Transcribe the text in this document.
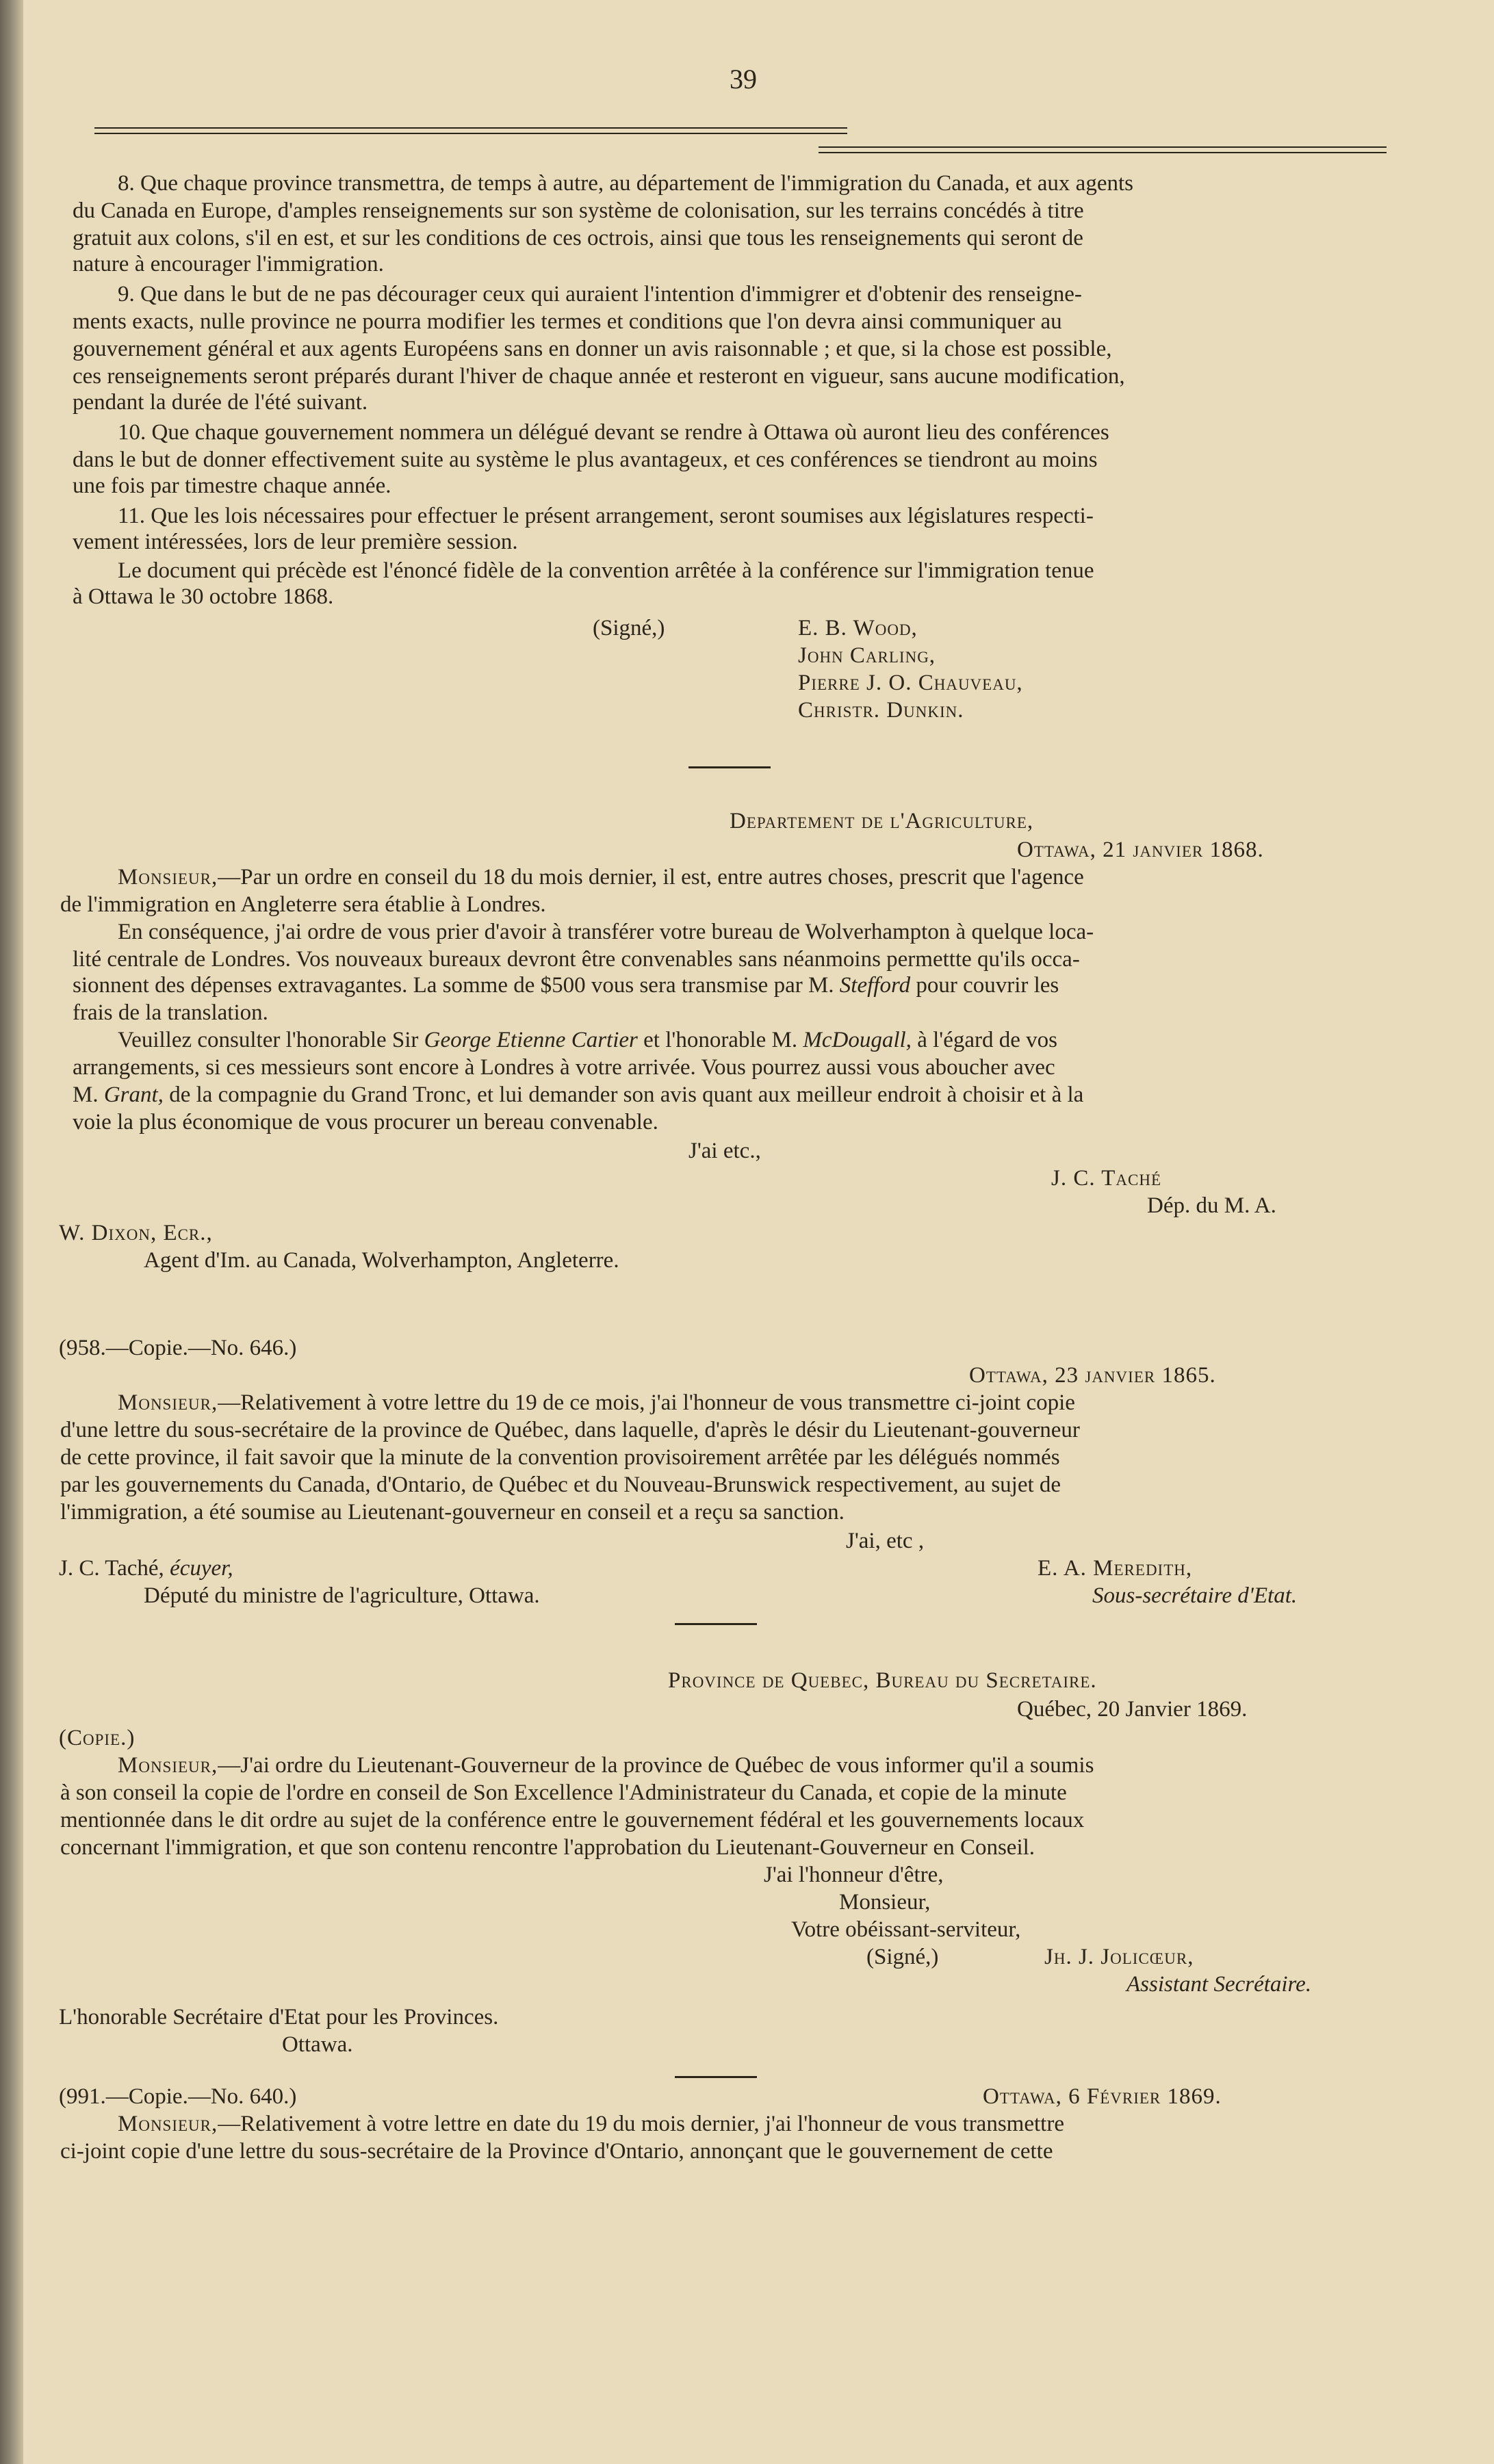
39
8. Que chaque province transmettra, de temps à autre, au département de l'immigration du Canada, et aux agents
du Canada en Europe, d'amples renseignements sur son système de colonisation, sur les terrains concédés à titre
gratuit aux colons, s'il en est, et sur les conditions de ces octrois, ainsi que tous les renseignements qui seront de
nature à encourager l'immigration.
9. Que dans le but de ne pas décourager ceux qui auraient l'intention d'immigrer et d'obtenir des renseigne-
ments exacts, nulle province ne pourra modifier les termes et conditions que l'on devra ainsi communiquer au
gouvernement général et aux agents Européens sans en donner un avis raisonnable ; et que, si la chose est possible,
ces renseignements seront préparés durant l'hiver de chaque année et resteront en vigueur, sans aucune modification,
pendant la durée de l'été suivant.
10. Que chaque gouvernement nommera un délégué devant se rendre à Ottawa où auront lieu des conférences
dans le but de donner effectivement suite au système le plus avantageux, et ces conférences se tiendront au moins
une fois par timestre chaque année.
11. Que les lois nécessaires pour effectuer le présent arrangement, seront soumises aux législatures respecti-
vement intéressées, lors de leur première session.
Le document qui précède est l'énoncé fidèle de la convention arrêtée à la conférence sur l'immigration tenue
à Ottawa le 30 octobre 1868.
(Signé,)	E. B. Wood,
John Carling,
Pierre J. O. Chauveau,
Christr. Dunkin.
Departement de l'Agriculture,
Ottawa, 21 janvier 1868.
Monsieur,—Par un ordre en conseil du 18 du mois dernier, il est, entre autres choses, prescrit que l'agence
de l'immigration en Angleterre sera établie à Londres.
En conséquence, j'ai ordre de vous prier d'avoir à transférer votre bureau de Wolverhampton à quelque loca-
lité centrale de Londres. Vos nouveaux bureaux devront être convenables sans néanmoins permettte qu'ils occa-
sionnent des dépenses extravagantes. La somme de $500 vous sera transmise par M. Stefford pour couvrir les
frais de la translation.
Veuillez consulter l'honorable Sir George Etienne Cartier et l'honorable M. McDougall, à l'égard de vos
arrangements, si ces messieurs sont encore à Londres à votre arrivée. Vous pourrez aussi vous aboucher avec
M. Grant, de la compagnie du Grand Tronc, et lui demander son avis quant aux meilleur endroit à choisir et à la
voie la plus économique de vous procurer un bereau convenable.
J'ai etc.,
J. C. Taché
Dép. du M. A.
W. Dixon, Ecr.,
Agent d'Im. au Canada, Wolverhampton, Angleterre.
(958.—Copie.—No. 646.)
Ottawa, 23 janvier 1865.
Monsieur,—Relativement à votre lettre du 19 de ce mois, j'ai l'honneur de vous transmettre ci-joint copie
d'une lettre du sous-secrétaire de la province de Québec, dans laquelle, d'après le désir du Lieutenant-gouverneur
de cette province, il fait savoir que la minute de la convention provisoirement arrêtée par les délégués nommés
par les gouvernements du Canada, d'Ontario, de Québec et du Nouveau-Brunswick respectivement, au sujet de
l'immigration, a été soumise au Lieutenant-gouverneur en conseil et a reçu sa sanction.
J'ai, etc ,
J. C. Taché, écuyer,	E. A. Meredith,
Député du ministre de l'agriculture, Ottawa.	Sous-secrétaire d'Etat.
Province de Quebec, Bureau du Secretaire.
Québec, 20 Janvier 1869.
(Copie.)
Monsieur,—J'ai ordre du Lieutenant-Gouverneur de la province de Québec de vous informer qu'il a soumis
à son conseil la copie de l'ordre en conseil de Son Excellence l'Administrateur du Canada, et copie de la minute
mentionnée dans le dit ordre au sujet de la conférence entre le gouvernement fédéral et les gouvernements locaux
concernant l'immigration, et que son contenu rencontre l'approbation du Lieutenant-Gouverneur en Conseil.
J'ai l'honneur d'être,
Monsieur,
Votre obéissant-serviteur,
(Signé,)	Jh. J. Jolicœur,
Assistant Secrétaire.
L'honorable Secrétaire d'Etat pour les Provinces.
Ottawa.
(991.—Copie.—No. 640.)	Ottawa, 6 Février 1869.
Monsieur,—Relativement à votre lettre en date du 19 du mois dernier, j'ai l'honneur de vous transmettre
ci-joint copie d'une lettre du sous-secrétaire de la Province d'Ontario, annonçant que le gouvernement de cette
